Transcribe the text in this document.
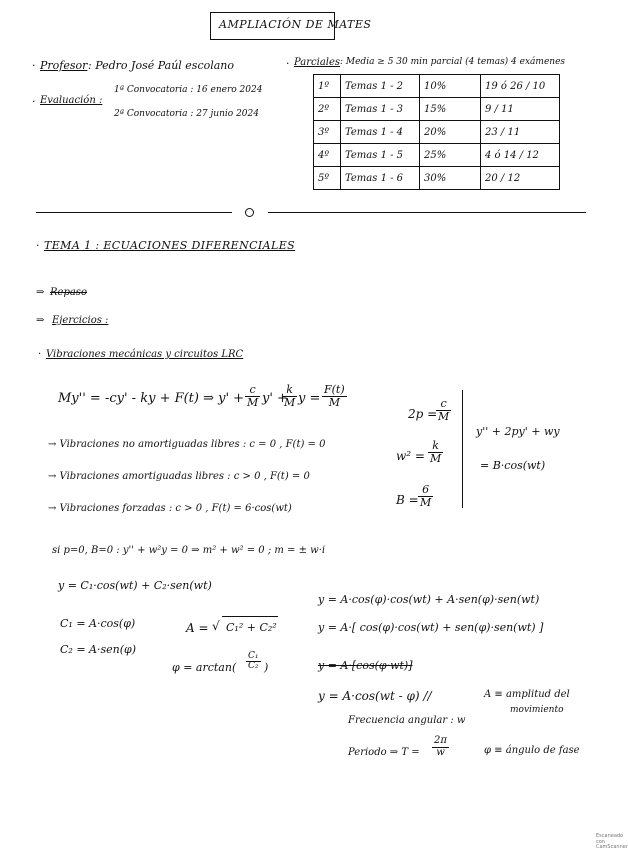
AMPLIACIÓN DE MATES
· Profesor : Pedro José Paúl escolano
· Evaluación :
1ª Convocatoria : 16 enero 2024
2ª Convocatoria : 27 junio 2024
· Parciales : Media ≥ 5 30 min parcial (4 temas) 4 exámenes
1º	Temas 1 - 2	10%	19 ó 26 / 10
2º	Temas 1 - 3	15%	9 / 11
3º	Temas 1 - 4	20%	23 / 11
4º	Temas 1 - 5	25%	4 ó 14 / 12
5º	Temas 1 - 6	30%	20 / 12
· TEMA 1 : ECUACIONES DIFERENCIALES
⇒ Repaso
⇒ Ejercicios :
· Vibraciones mecánicas y circuitos LRC
My'' = -cy' - ky + F(t) ⇒ $y' + \frac{c}{M} y'$ +
$\frac{k}{M}$ $y = \frac{F(t)}{M}$
→ Vibraciones no amortiguadas libres : c = 0 , F(t) = 0
→ Vibraciones amortiguadas libres : c > 0 , F(t) = 0
→ Vibraciones forzadas : c > 0 , F(t) = 6·cos(wt)
2p =
$\frac{c}{M}$
$w^2 = \frac{k}{M}$
$B = \frac{6}{M}$
y'' + 2py' + wy
= B·cos(wt)
si p=0, B=0 : y'' + w²y = 0 ⇒ m² + w² = 0 ; m = ± w·i
y = C₁·cos(wt) + C₂·sen(wt)
C₁ = A·cos(φ)
C₂ = A·sen(φ)
A = √ C₁² + C₂²
$\varphi = \arctan( \frac{\text{C₁}}{\text{C₂}}$ )
y = A·cos(φ)·cos(wt) + A·sen(φ)·sen(wt)
y = A·[ cos(φ)·cos(wt) + sen(φ)·sen(wt) ]
y = A·[cos(φ·wt)]
y = A·cos(wt - φ) //
Frecuencia angular : w
Periodo ⇒ $T = \frac{2\pi}{w}$
A ≡ amplitud del
movimiento
φ ≡ ángulo de fase
Escaneado con
CamScanner
